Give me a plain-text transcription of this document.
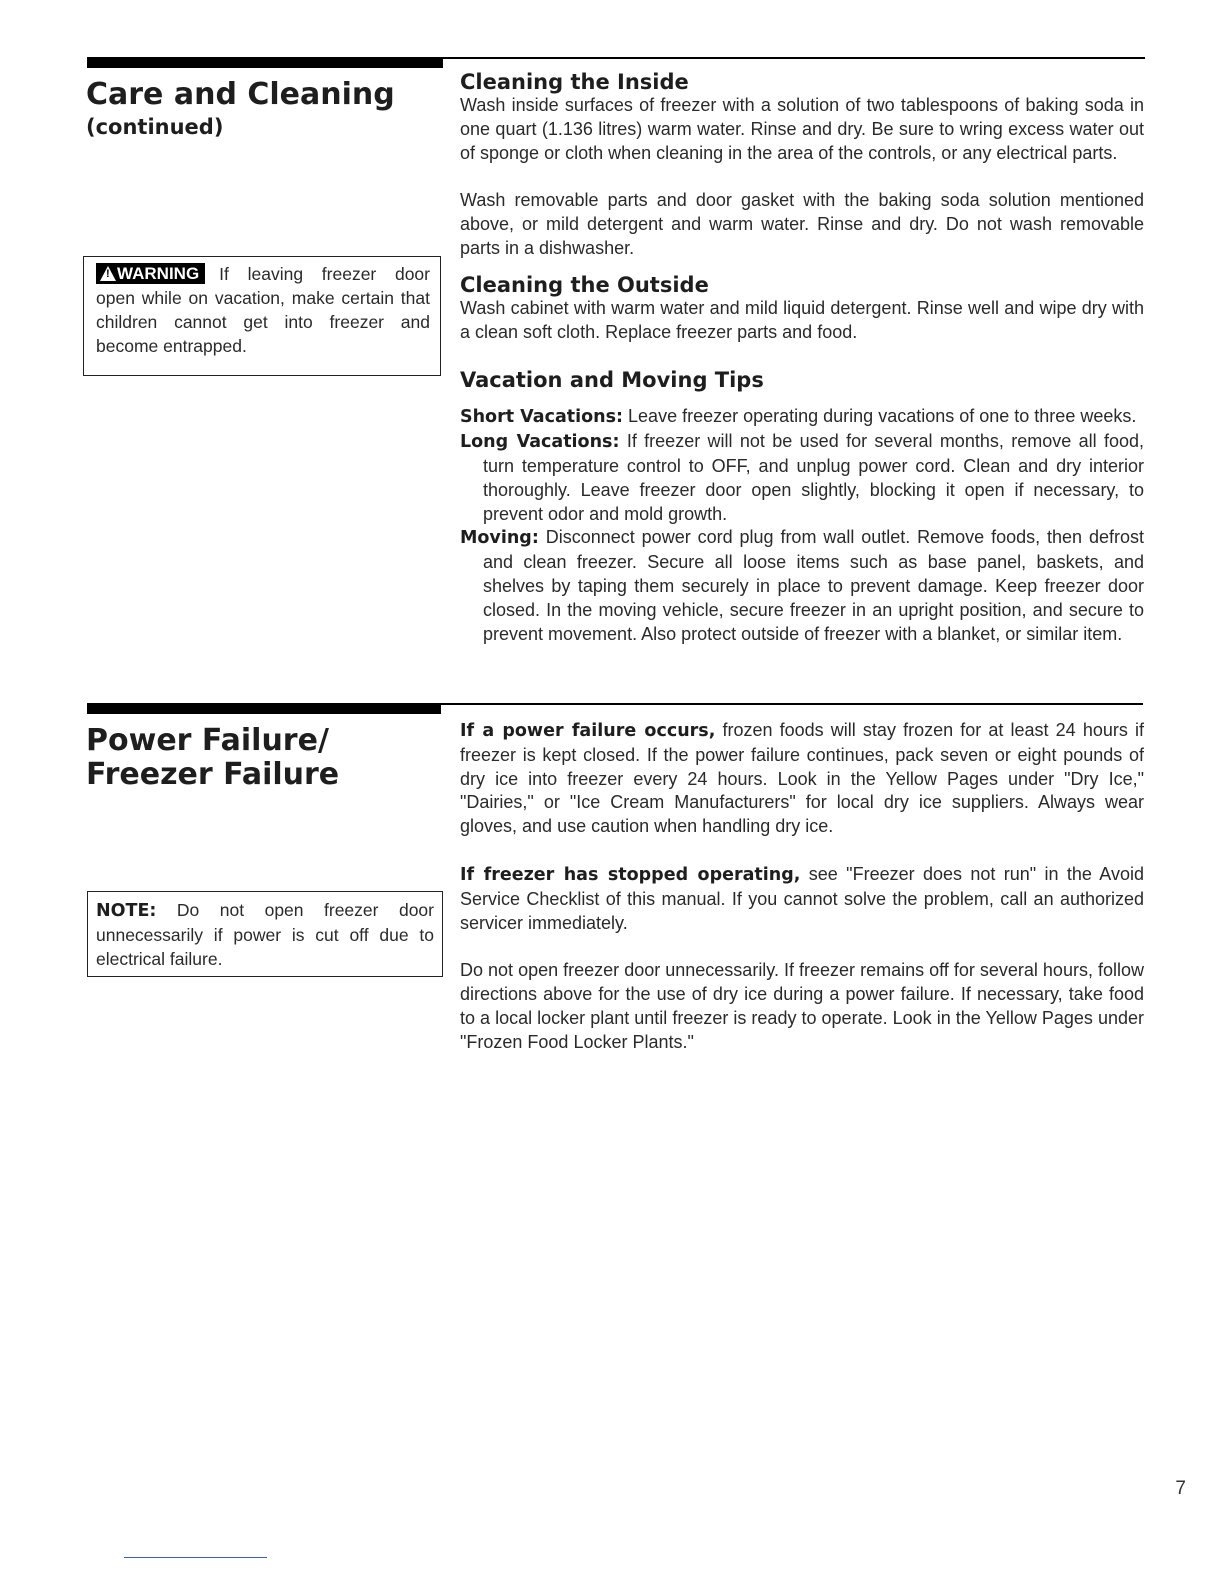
Care and Cleaning
(continued)
!WARNING If leaving freezer door open while on vacation, make certain that children cannot get into freezer and become entrapped.
Cleaning the Inside

Wash inside surfaces of freezer with a solution of two tablespoons of baking soda in one quart (1.136 litres) warm water. Rinse and dry. Be sure to wring excess water out of sponge or cloth when cleaning in the area of the controls, or any electrical parts.

Wash removable parts and door gasket with the baking soda solution mentioned above, or mild detergent and warm water. Rinse and dry. Do not wash removable parts in a dishwasher.

Cleaning the Outside

Wash cabinet with warm water and mild liquid detergent. Rinse well and wipe dry with a clean soft cloth. Replace freezer parts and food.

Vacation and Moving Tips

Short Vacations: Leave freezer operating during vacations of one to three weeks.

Long Vacations: If freezer will not be used for several months, remove all food, turn temperature control to OFF, and unplug power cord. Clean and dry interior thoroughly. Leave freezer door open slightly, blocking it open if necessary, to prevent odor and mold growth.

Moving: Disconnect power cord plug from wall outlet. Remove foods, then defrost and clean freezer. Secure all loose items such as base panel, baskets, and shelves by taping them securely in place to prevent damage. Keep freezer door closed. In the moving vehicle, secure freezer in an upright position, and secure to prevent movement. Also protect outside of freezer with a blanket, or similar item.

Power Failure/
Freezer Failure
NOTE: Do not open freezer door unnecessarily if power is cut off due to electrical failure.

If a power failure occurs, frozen foods will stay frozen for at least 24 hours if freezer is kept closed. If the power failure continues, pack seven or eight pounds of dry ice into freezer every 24 hours. Look in the Yellow Pages under "Dry Ice," "Dairies," or "Ice Cream Manufacturers" for local dry ice suppliers. Always wear gloves, and use caution when handling dry ice.

If freezer has stopped operating, see "Freezer does not run" in the Avoid Service Checklist of this manual. If you cannot solve the problem, call an authorized servicer immediately.

Do not open freezer door unnecessarily. If freezer remains off for several hours, follow directions above for the use of dry ice during a power failure. If necessary, take food to a local locker plant until freezer is ready to operate. Look in the Yellow Pages under "Frozen Food Locker Plants."

7
